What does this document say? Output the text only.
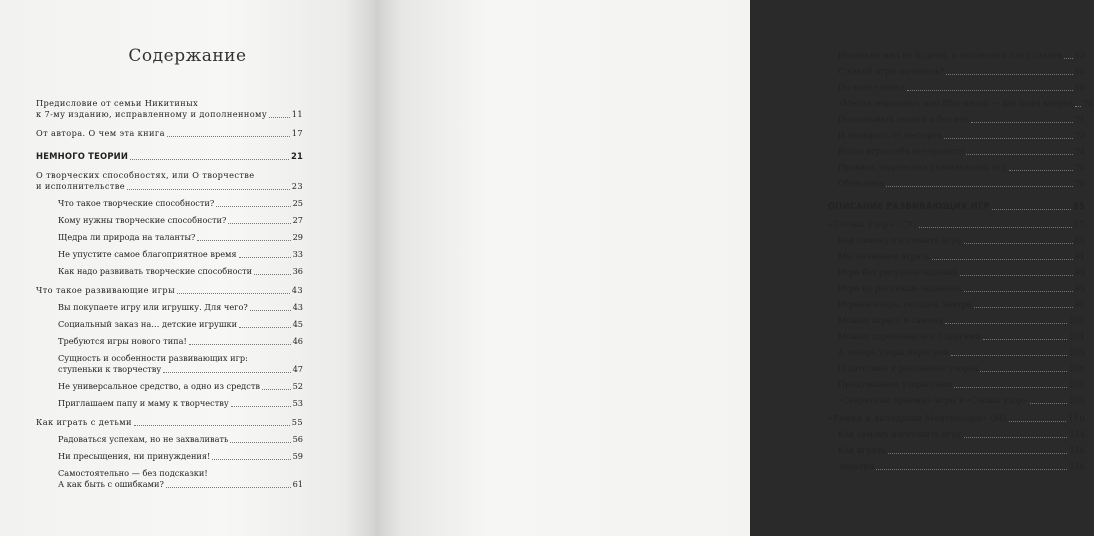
Содержание
Предисловие от семьи Никитиных
к 7-му изданию, исправленному и дополненному	11
От автора. О чем эта книга	17
НЕМНОГО ТЕОРИИ	21
О творческих способностях, или О творчестве
и исполнительстве	23
Что такое творческие способности?	25
Кому нужны творческие способности?	27
Щедра ли природа на таланты?	29
Не упустите самое благоприятное время	33
Как надо развивать творческие способности	36
Что такое развивающие игры	43
Вы покупаете игру или игрушку. Для чего?	43
Социальный заказ на… детские игрушки	45
Требуются игры нового типа!	46
Сущность и особенности развивающих игр:
ступеньки к творчеству	47
Не универсальное средство, а одно из средств	52
Приглашаем папу и маму к творчеству	53
Как играть с детьми	55
Радоваться успехам, но не захваливать	56
Ни пресыщения, ни принуждения!	59
Самостоятельно — без подсказки!
А как быть с ошибками?	61
Насильно мил не будешь, а запретный плод сладок 63
С какой игры начинать?	66
По воле «волн»	68
«Метод ледокола», или Шаг назад — два шага вперед 70
Подсовывать сказки и без нее	71
И попырать от восторга	73
Когда игры себя исчерпают?	74
Правила творческих развивающих игр	76
Обезьянка	78
ОПИСАНИЕ РАЗВИВАЮЩИХ ИГР	85
«Сложи узор» (СУ)	87
Как самому изготовить игру	89
Мы начинаем играть	91
Игра без рисунков-заданий	93
Игра по рисункам-заданиям	95
Играем вчера, сегодня, завтра	98
Можно играть и самому	100
Можно соревноваться с другими	101
А теперь узоры нарисуем	105
Подготовка к рисованию узоров	106
Придумываем узоры сами	108
«Секретные приемы» игры в «Сложи узор»	109
«Рамки и вкладыши Монтессори» (М)	110
Как самому изготовить игру	114
Как играть	116
Задания	116
